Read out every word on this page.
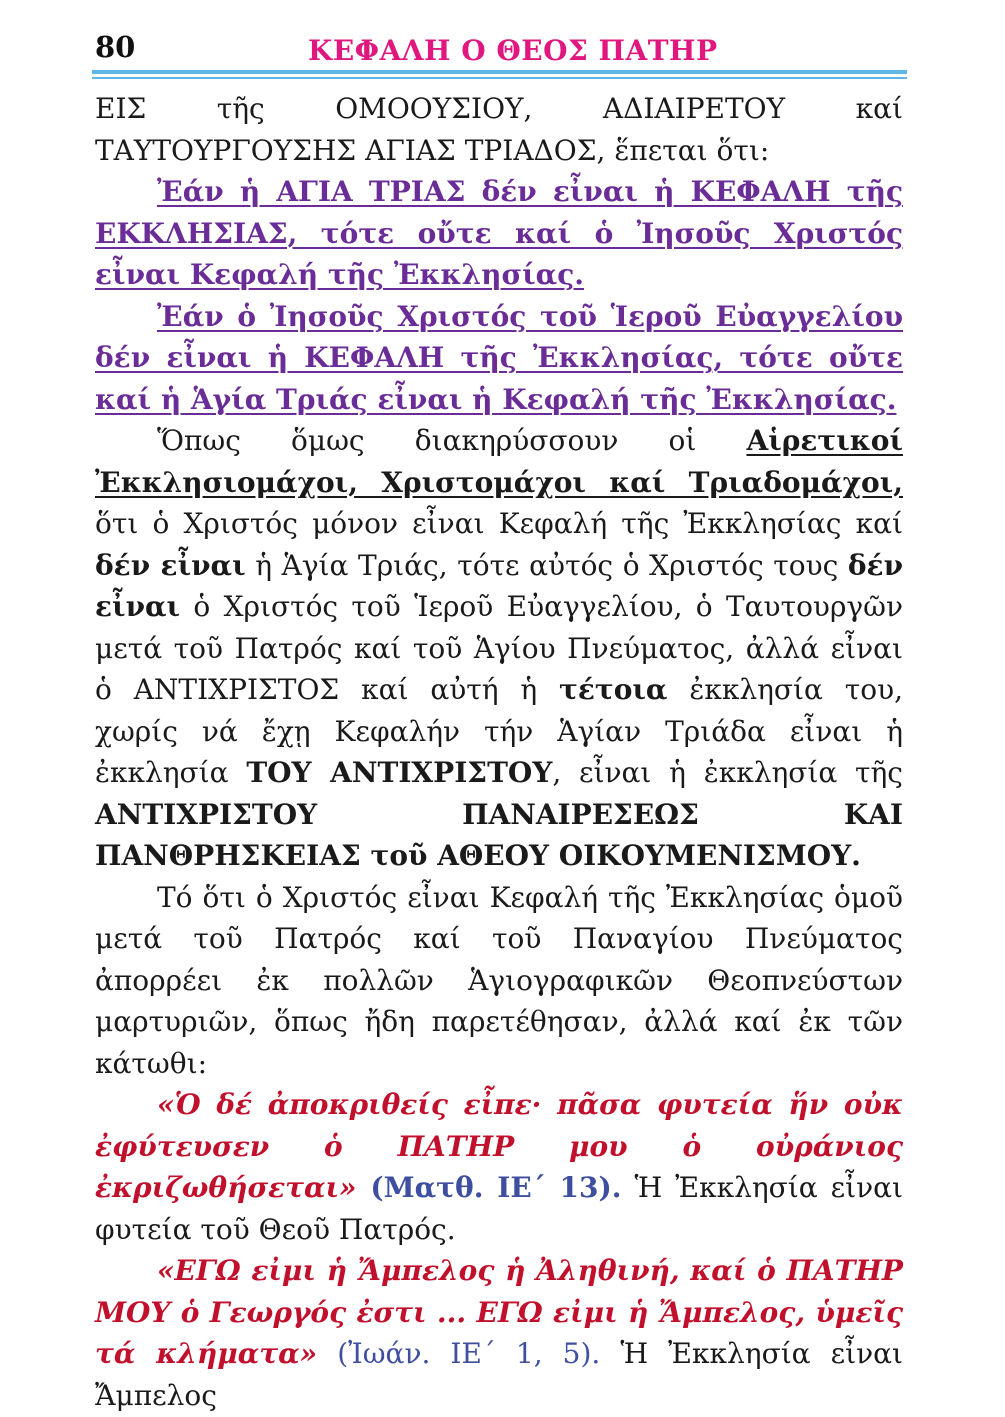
80	ΚΕΦΑΛΗ Ο ΘΕΟΣ ΠΑΤΗΡ

ΕΙΣ τῆς ΟΜΟΟΥΣΙΟΥ, ΑΔΙΑΙΡΕΤΟΥ καί ΤΑΥΤΟΥΡΓΟΥΣΗΣ ΑΓΙΑΣ ΤΡΙΑΔΟΣ, ἕπεται ὅτι:

Ἐάν ἡ ΑΓΙΑ ΤΡΙΑΣ δέν εἶναι ἡ ΚΕΦΑΛΗ τῆς ΕΚΚΛΗΣΙΑΣ, τότε οὔτε καί ὁ Ἰησοῦς Χριστός εἶναι Κεφαλή τῆς Ἐκκλησίας.

Ἐάν ὁ Ἰησοῦς Χριστός τοῦ Ἱεροῦ Εὐαγγελίου δέν εἶναι ἡ ΚΕΦΑΛΗ τῆς Ἐκκλησίας, τότε οὔτε καί ἡ Ἁγία Τριάς εἶναι ἡ Κεφαλή τῆς Ἐκκλησίας.

Ὅπως ὅμως διακηρύσσουν οἱ Αἱρετικοί Ἐκκλησιομάχοι, Χριστομάχοι καί Τριαδομάχοι, ὅτι ὁ Χριστός μόνον εἶναι Κεφαλή τῆς Ἐκκλησίας καί δέν εἶναι ἡ Ἁγία Τριάς, τότε αὐτός ὁ Χριστός τους δέν εἶναι ὁ Χριστός τοῦ Ἱεροῦ Εὐαγγελίου, ὁ Ταυτουργῶν μετά τοῦ Πατρός καί τοῦ Ἁγίου Πνεύματος, ἀλλά εἶναι ὁ ΑΝΤΙΧΡΙΣΤΟΣ καί αὐτή ἡ τέτοια ἐκκλησία του, χωρίς νά ἔχῃ Κεφαλήν τήν Ἁγίαν Τριάδα εἶναι ἡ ἐκκλησία ΤΟΥ ΑΝΤΙΧΡΙΣΤΟΥ, εἶναι ἡ ἐκκλησία τῆς ΑΝΤΙΧΡΙΣΤΟΥ ΠΑΝΑΙΡΕΣΕΩΣ ΚΑΙ ΠΑΝΘΡΗΣΚΕΙΑΣ τοῦ ΑΘΕΟΥ ΟΙΚΟΥΜΕΝΙΣΜΟΥ.

Τό ὅτι ὁ Χριστός εἶναι Κεφαλή τῆς Ἐκκλησίας ὁμοῦ μετά τοῦ Πατρός καί τοῦ Παναγίου Πνεύματος ἀπορρέει ἐκ πολλῶν Ἁγιογραφικῶν Θεοπνεύστων μαρτυριῶν, ὅπως ἤδη παρετέθησαν, ἀλλά καί ἐκ τῶν κάτωθι:

«Ὁ δέ ἀποκριθείς εἶπε· πᾶσα φυτεία ἥν οὐκ ἐφύτευσεν ὁ ΠΑΤΗΡ μου ὁ οὐράνιος ἐκριζωθήσεται» (Ματθ. ΙΕ΄ 13). Ἡ Ἐκκλησία εἶναι φυτεία τοῦ Θεοῦ Πατρός.

«ΕΓΩ εἰμι ἡ Ἄμπελος ἡ Ἀληθινή, καί ὁ ΠΑΤΗΡ ΜΟΥ ὁ Γεωργός ἐστι ... ΕΓΩ εἰμι ἡ Ἄμπελος, ὑμεῖς τά κλήματα» (Ἰωάν. ΙΕ΄ 1, 5). Ἡ Ἐκκλησία εἶναι Ἄμπελος
